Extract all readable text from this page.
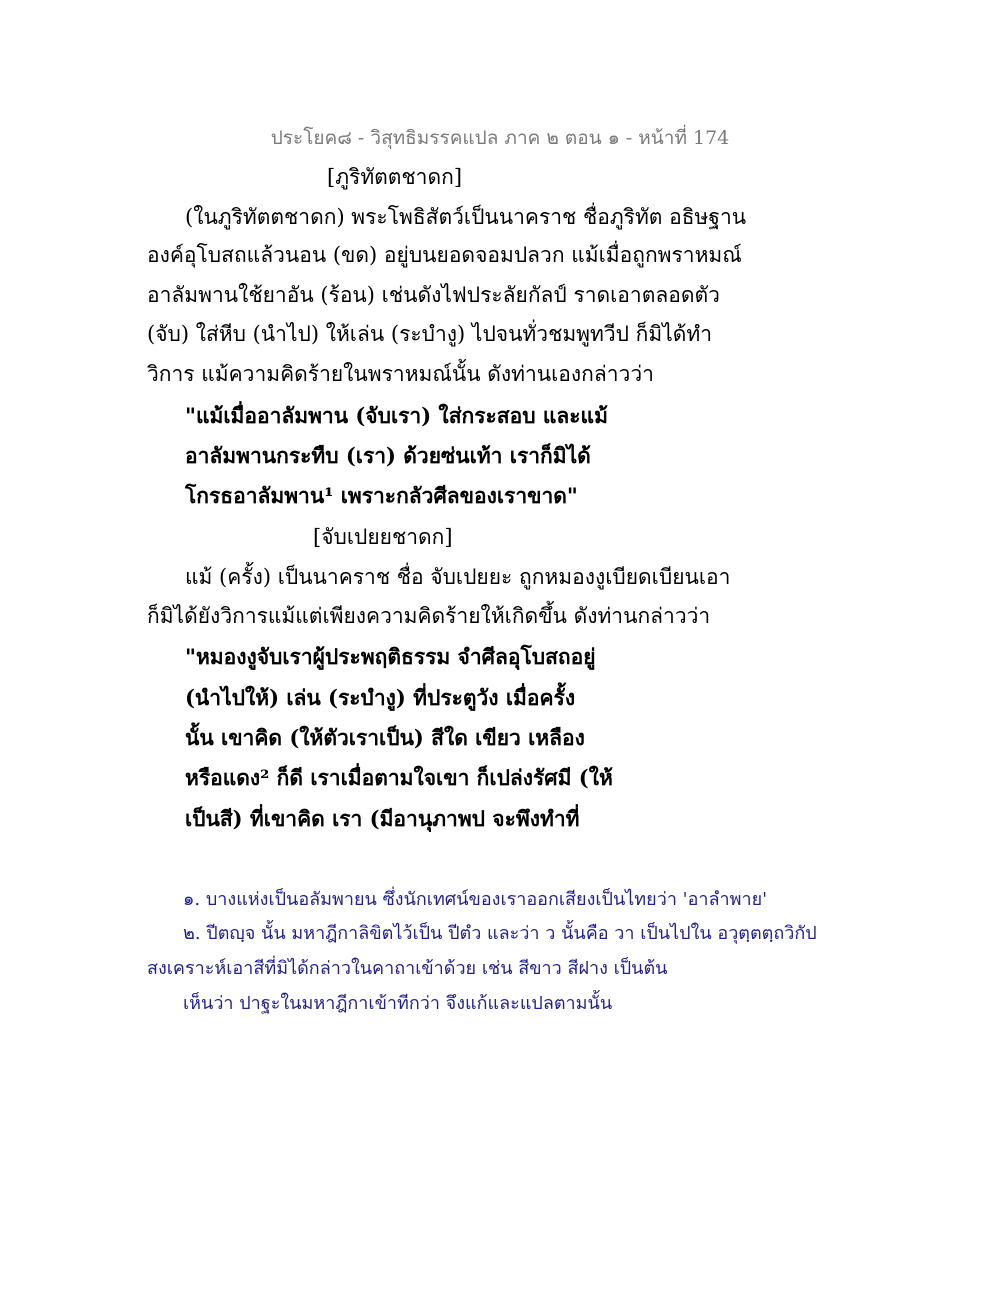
ประโยค๘ - วิสุทธิมรรคแปล ภาค ๒ ตอน ๑ - หน้าที่ 174
[ภูริทัตตชาดก]
(ในภูริทัตตชาดก) พระโพธิสัตว์เป็นนาคราช ชื่อภูริทัต อธิษฐาน
องค์อุโบสถแล้วนอน (ขด) อยู่บนยอดจอมปลวก แม้เมื่อถูกพราหมณ์
อาลัมพานใช้ยาอัน (ร้อน) เช่นดังไฟประลัยกัลป์ ราดเอาตลอดตัว
(จับ) ใส่หีบ (นำไป) ให้เล่น (ระบำงู) ไปจนทั่วชมพูทวีป ก็มิได้ทำ
วิการ แม้ความคิดร้ายในพราหมณ์นั้น ดังท่านเองกล่าวว่า
"แม้เมื่ออาลัมพาน (จับเรา) ใส่กระสอบ และแม้
อาลัมพานกระทืบ (เรา) ด้วยซ่นเท้า เราก็มิได้
โกรธอาลัมพาน¹ เพราะกลัวศีลของเราขาด"
[จับเปยยชาดก]
แม้ (ครั้ง) เป็นนาคราช ชื่อ จับเปยยะ ถูกหมองงูเบียดเบียนเอา
ก็มิได้ยังวิการแม้แต่เพียงความคิดร้ายให้เกิดขึ้น ดังท่านกล่าวว่า
"หมองงูจับเราผู้ประพฤติธรรม จำศีลอุโบสถอยู่
(นำไปให้) เล่น (ระบำงู) ที่ประตูวัง เมื่อครั้ง
นั้น เขาคิด (ให้ตัวเราเป็น) สีใด เขียว เหลือง
หรือแดง² ก็ดี เราเมื่อตามใจเขา ก็เปล่งรัศมี (ให้
เป็นสี) ที่เขาคิด เรา (มีอานุภาพป จะพึงทำที่
๑. บางแห่งเป็นอลัมพายน ซึ่งนักเทศน์ของเราออกเสียงเป็นไทยว่า 'อาลำพาย'
๒. ปีตญฺจ นั้น มหาฎีกาลิขิตไว้เป็น ปีตํว และว่า ว นั้นคือ วา เป็นไปใน อวุตฺตตฺถวิกัป
สงเคราะห์เอาสีที่มิได้กล่าวในคาถาเข้าด้วย เช่น สีขาว สีฝาง เป็นต้น
เห็นว่า ปาฐะในมหาฎีกาเข้าทีกว่า จึงแก้และแปลตามนั้น
